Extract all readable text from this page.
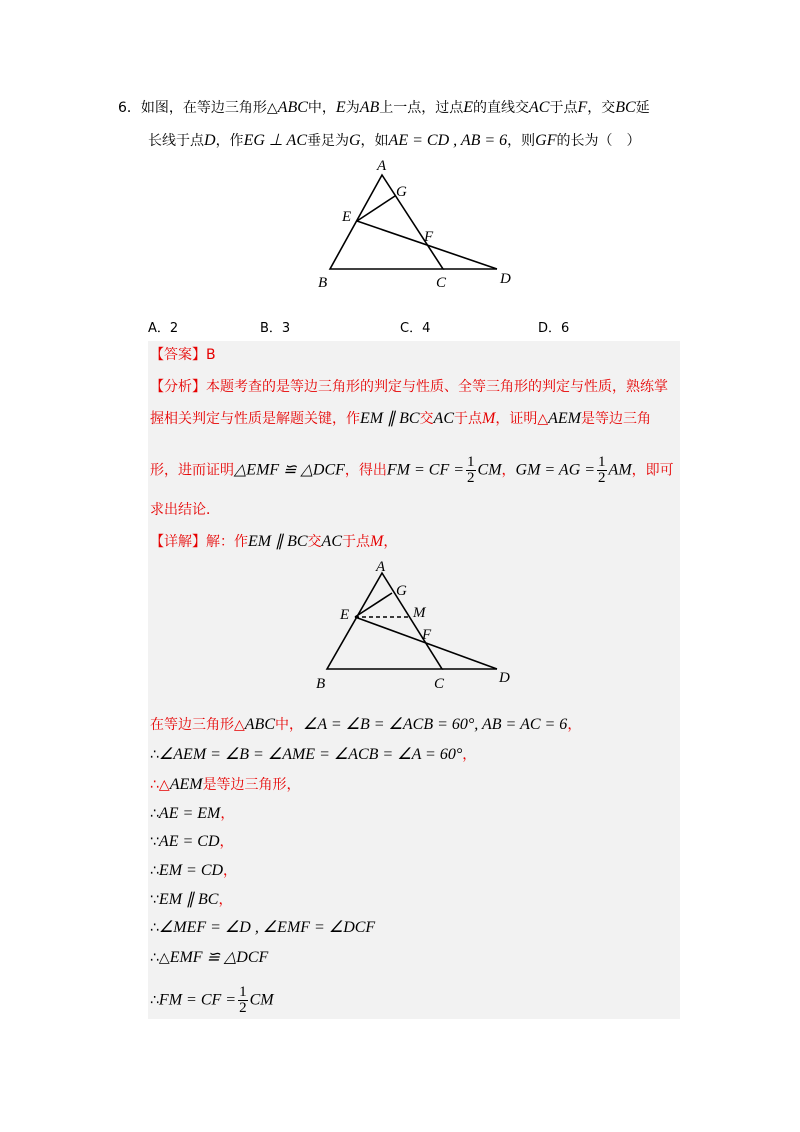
6．如图，在等边三角形△ABC中，E为AB上一点，过点E的直线交AC于点F，交BC延
长线于点D，作EG ⊥ AC垂足为G，如AE = CD , AB = 6，则GF的长为（　）
A
G
E
F
B	C	D
A．2	B．3	C．4	D．6
【答案】B
【分析】本题考查的是等边三角形的判定与性质、全等三角形的判定与性质，熟练掌
握相关判定与性质是解题关键，作EM ∥ BC交AC于点M，证明△AEM是等边三角
形，进而证明△EMF ≌ △DCF，得出FM = CF = $\frac{1}{2}$ CM，GM = AG = $\frac{1}{2}$ AM，即可
求出结论．
【详解】解：作EM ∥ BC交AC于点M，
A
G
E	M
F
B	C	D
在等边三角形△ABC中，∠A = ∠B = ∠ACB = 60°, AB = AC = 6，
∴∠AEM = ∠B = ∠AME = ∠ACB = ∠A = 60°，
∴△AEM是等边三角形，
∴AE = EM，
∵AE = CD，
∴EM = CD，
∵EM ∥ BC，
∴∠MEF = ∠D , ∠EMF = ∠DCF
∴△EMF ≌ △DCF
∴FM = CF = $\frac{1}{2}$ CM
